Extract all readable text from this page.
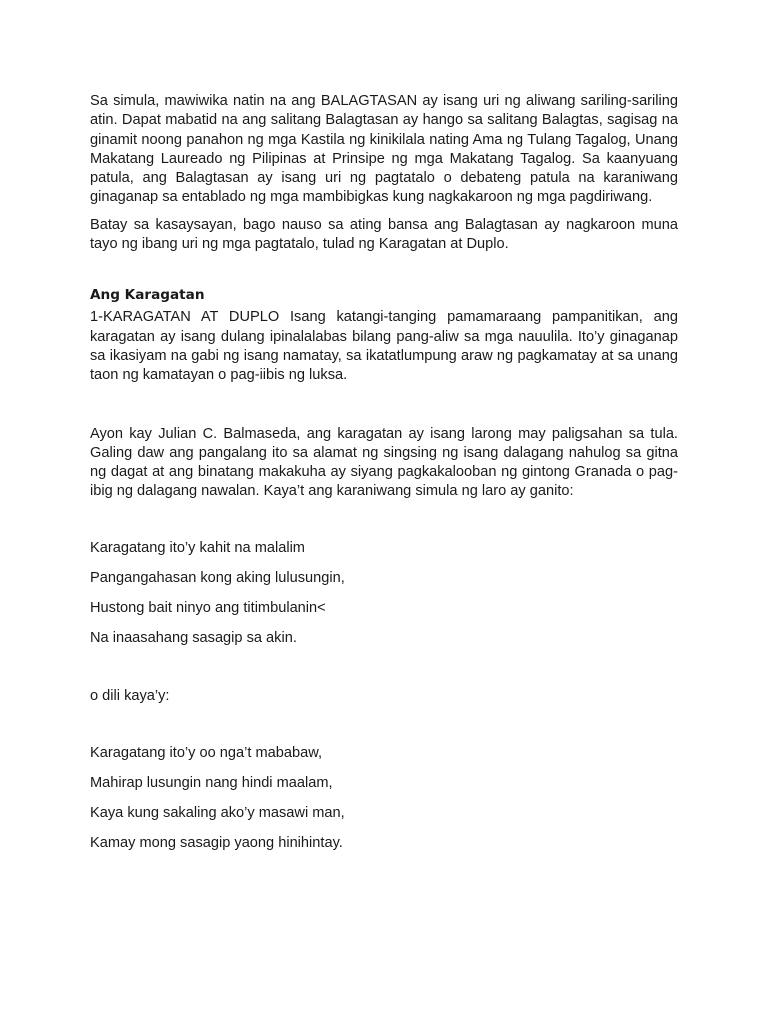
Sa simula, mawiwika natin na ang BALAGTASAN ay isang uri ng aliwang sariling-sariling atin. Dapat mabatid na ang salitang Balagtasan ay hango sa salitang Balagtas, sagisag na ginamit noong panahon ng mga Kastila ng kinikilala nating Ama ng Tulang Tagalog, Unang Makatang Laureado ng Pilipinas at Prinsipe ng mga Makatang Tagalog. Sa kaanyuang patula, ang Balagtasan ay isang uri ng pagtatalo o debateng patula na karaniwang ginaganap sa entablado ng mga mambibigkas kung nagkakaroon ng mga pagdiriwang.

Batay sa kasaysayan, bago nauso sa ating bansa ang Balagtasan ay nagkaroon muna tayo ng ibang uri ng mga pagtatalo, tulad ng Karagatan at Duplo.

Ang Karagatan

1-KARAGATAN AT DUPLO Isang katangi-tanging pamamaraang pampanitikan, ang karagatan ay isang dulang ipinalalabas bilang pang-aliw sa mga nauulila. Ito’y ginaganap sa ikasiyam na gabi ng isang namatay, sa ikatatlumpung araw ng pagkamatay at sa unang taon ng kamatayan o pag-iibis ng luksa.

Ayon kay Julian C. Balmaseda, ang karagatan ay isang larong may paligsahan sa tula. Galing daw ang pangalang ito sa alamat ng singsing ng isang dalagang nahulog sa gitna ng dagat at ang binatang makakuha ay siyang pagkakalooban ng gintong Granada o pag-ibig ng dalagang nawalan. Kaya’t ang karaniwang simula ng laro ay ganito:

Karagatang ito’y kahit na malalim

Pangangahasan kong aking lulusungin,

Hustong bait ninyo ang titimbulanin<

Na inaasahang sasagip sa akin.

o dili kaya’y:

Karagatang ito’y oo nga’t mababaw,

Mahirap lusungin nang hindi maalam,

Kaya kung sakaling ako’y masawi man,

Kamay mong sasagip yaong hinihintay.
